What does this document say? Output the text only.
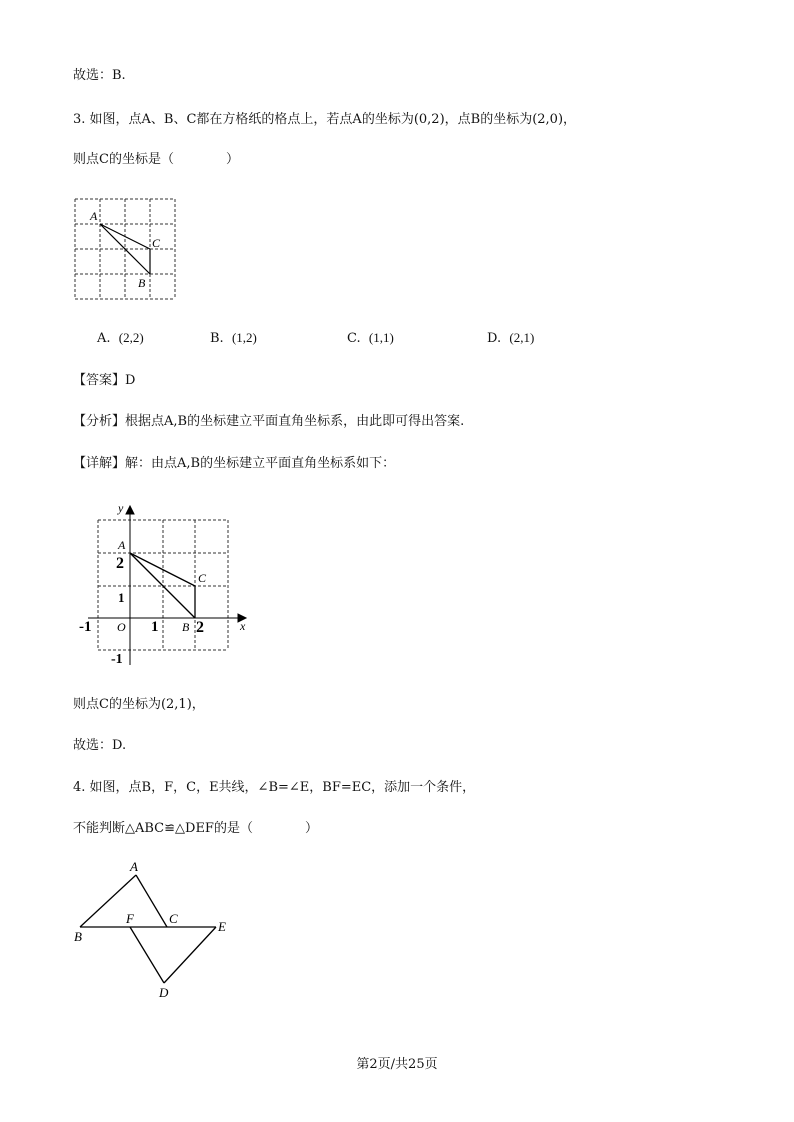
故选：B.
3. 如图，点A、B、C都在方格纸的格点上，若点A的坐标为(0,2)，点B的坐标为(2,0)，
则点C的坐标是（　　　　）
A
C
B
A. (2,2)	B. (1,2)	C. (1,1)	D. (2,1)
【答案】D
【分析】根据点A,B的坐标建立平面直角坐标系，由此即可得出答案.
【详解】解：由点A,B的坐标建立平面直角坐标系如下：
y
x
A
2
C
1
-1 O 1 B 2
-1
则点C的坐标为(2,1)，
故选：D.
4. 如图，点B，F，C，E共线，∠B=∠E，BF=EC，添加一个条件，
不能判断△ABC≌△DEF的是（　　　　）
A
B
F	C
E
D
第2页/共25页
